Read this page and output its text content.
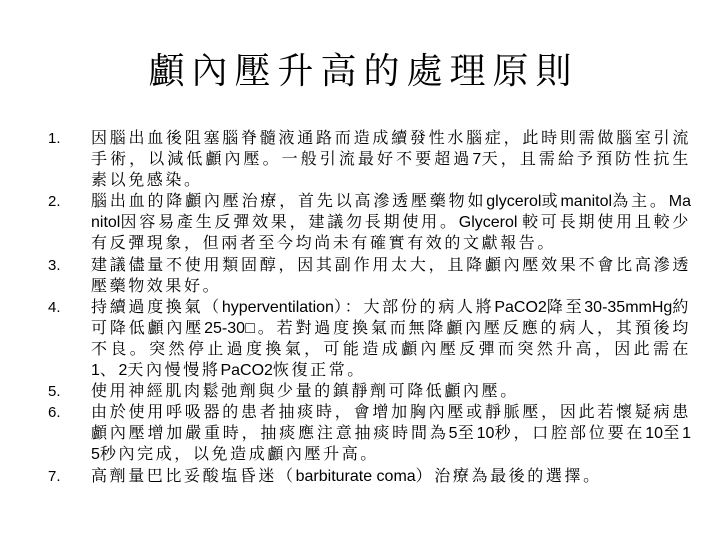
顱內壓升高的處理原則
1.	因腦出血後阻塞腦脊髓液通路而造成續發性水腦症，此時則需做腦室引流手術，以減低顱內壓。一般引流最好不要超過7天，且需給予預防性抗生素以免感染。
2.	腦出血的降顱內壓治療，首先以高滲透壓藥物如glycerol或manitol為主。Manitol因容易產生反彈效果，建議勿長期使用。Glycerol 較可長期使用且較少有反彈現象，但兩者至今均尚未有確實有效的文獻報告。
3.	建議儘量不使用類固醇，因其副作用太大，且降顱內壓效果不會比高滲透壓藥物效果好。
4.	持續過度換氣（hyperventilation）：大部份的病人將PaCO2降至30-35mmHg約可降低顱內壓25-30□。若對過度換氣而無降顱內壓反應的病人，其預後均不良。突然停止過度換氣，可能造成顱內壓反彈而突然升高，因此需在1、2天內慢慢將PaCO2恢復正常。
5.	使用神經肌肉鬆弛劑與少量的鎮靜劑可降低顱內壓。
6.	由於使用呼吸器的患者抽痰時，會增加胸內壓或靜脈壓，因此若懷疑病患顱內壓增加嚴重時，抽痰應注意抽痰時間為5至10秒，口腔部位要在10至15秒內完成，以免造成顱內壓升高。
7.	高劑量巴比妥酸塩昏迷（barbiturate coma）治療為最後的選擇。
